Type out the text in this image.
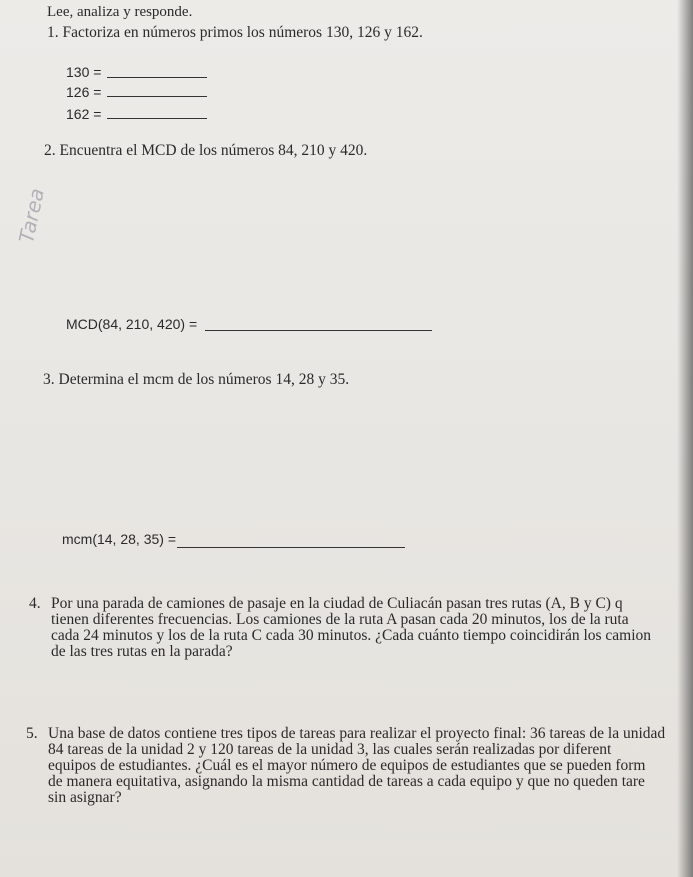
Lee, analiza y responde.
1. Factoriza en números primos los números 130, 126 y 162.
130 =
126 =
162 =
2. Encuentra el MCD de los números 84, 210 y 420.
MCD(84, 210, 420) =
Tarea
3. Determina el mcm de los números 14, 28 y 35.
mcm(14, 28, 35) =
4. Por una parada de camiones de pasaje en la ciudad de Culiacán pasan tres rutas (A, B y C) q
tienen diferentes frecuencias. Los camiones de la ruta A pasan cada 20 minutos, los de la ruta
cada 24 minutos y los de la ruta C cada 30 minutos. ¿Cada cuánto tiempo coincidirán los camion
de las tres rutas en la parada?
5. Una base de datos contiene tres tipos de tareas para realizar el proyecto final: 36 tareas de la unidad
84 tareas de la unidad 2 y 120 tareas de la unidad 3, las cuales serán realizadas por diferent
equipos de estudiantes. ¿Cuál es el mayor número de equipos de estudiantes que se pueden form
de manera equitativa, asignando la misma cantidad de tareas a cada equipo y que no queden tare
sin asignar?
